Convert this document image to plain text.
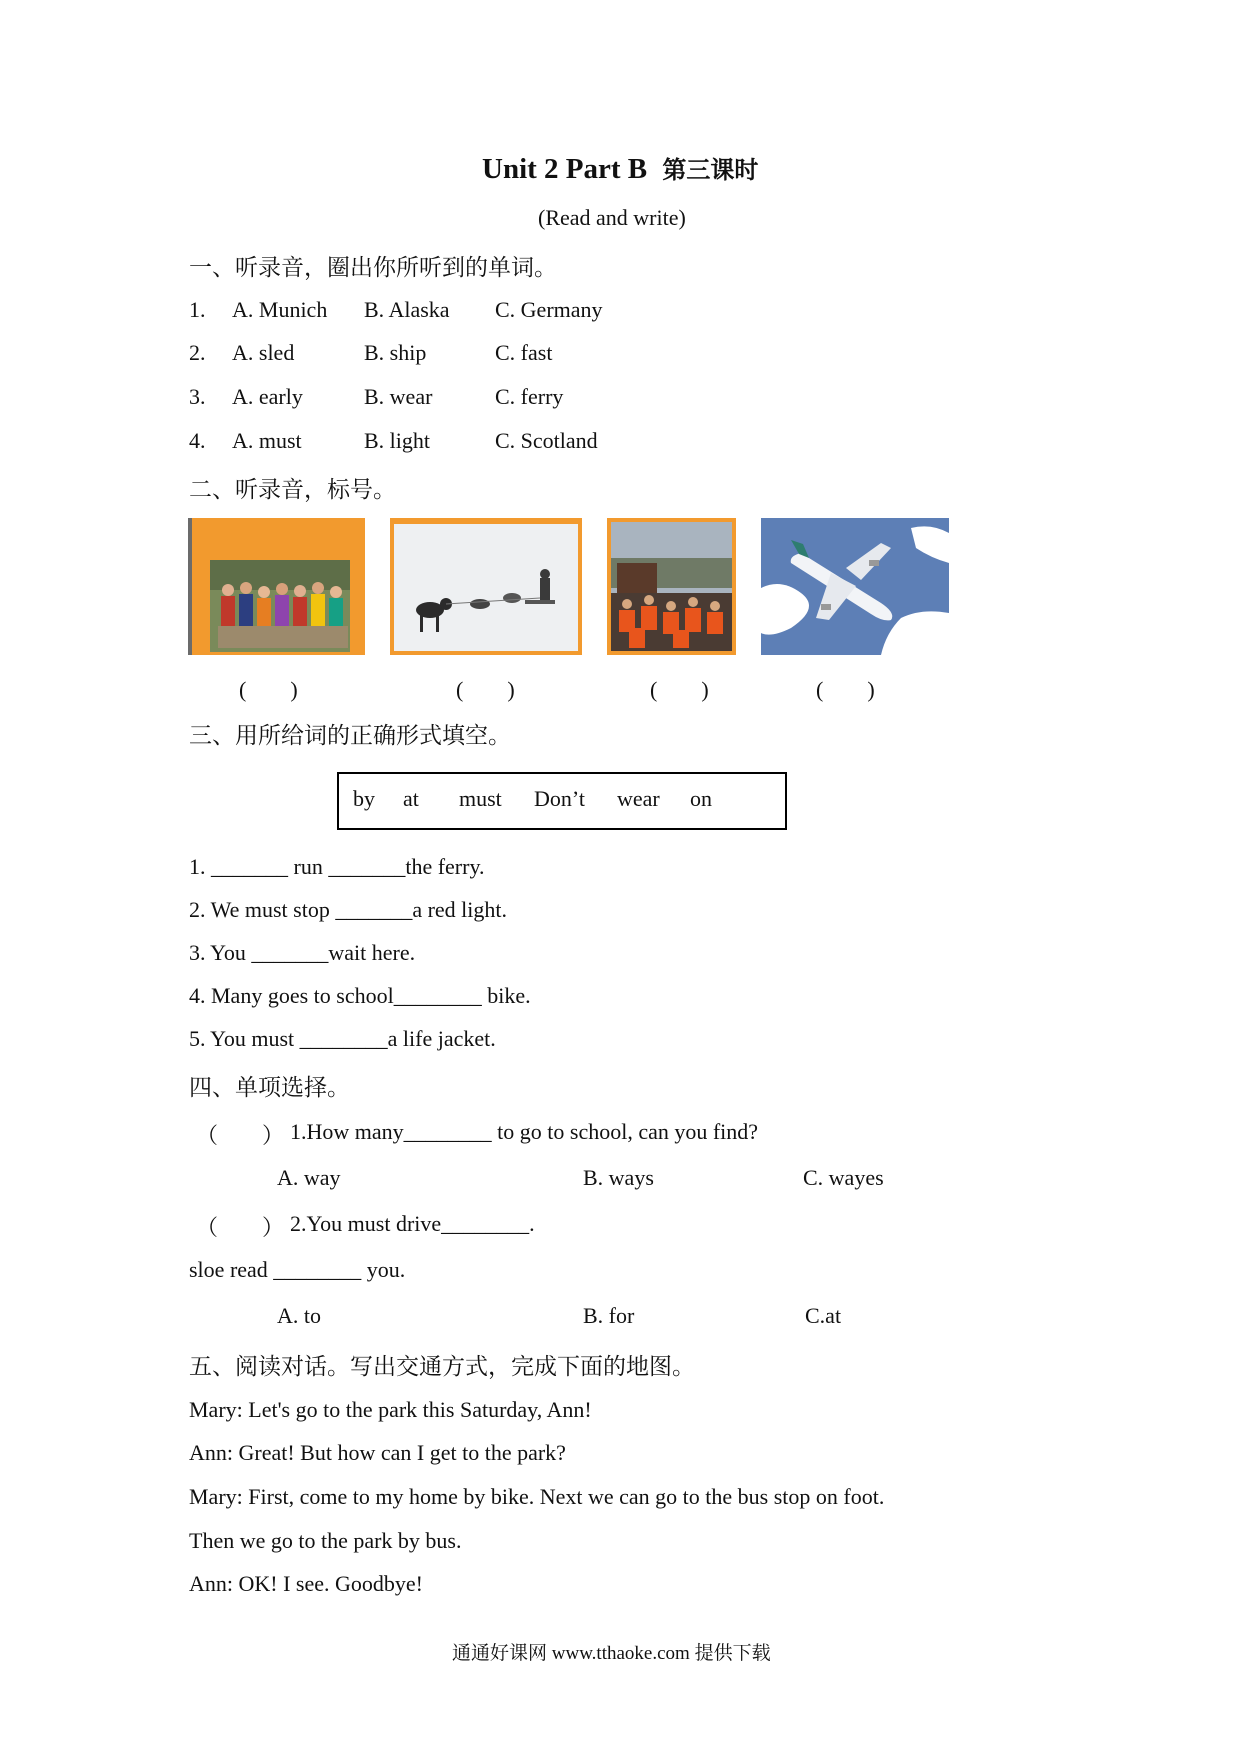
Unit 2 Part B 第三课时
(Read and write)
一、听录音，圈出你所听到的单词。
1. A. Munich B. Alaska C. Germany
2. A. sled	B. ship	C. fast
3. A. early	B. wear	C. ferry
4. A. must	B. light	C. Scotland
二、听录音，标号。
(　　)	(　　)	(　　)	(　　)
三、用所给词的正确形式填空。
by at must Don’t wear on
1. _______ run _______the ferry.
2. We must stop _______a red light.
3. You _______wait here.
4. Many goes to school________ bike.
5. You must ________a life jacket.
四、单项选择。
（　　） 1.How many________ to go to school, can you find?
A. way	B. ways	C. wayes
（　　） 2.You must drive________.
sloe read ________ you.
A. to	B. for	C.at
五、阅读对话。写出交通方式，完成下面的地图。
Mary: Let's go to the park this Saturday, Ann!
Ann: Great! But how can I get to the park?
Mary: First, come to my home by bike. Next we can go to the bus stop on foot.
Then we go to the park by bus.
Ann: OK! I see. Goodbye!
通通好课网 www.tthaoke.com 提供下载
